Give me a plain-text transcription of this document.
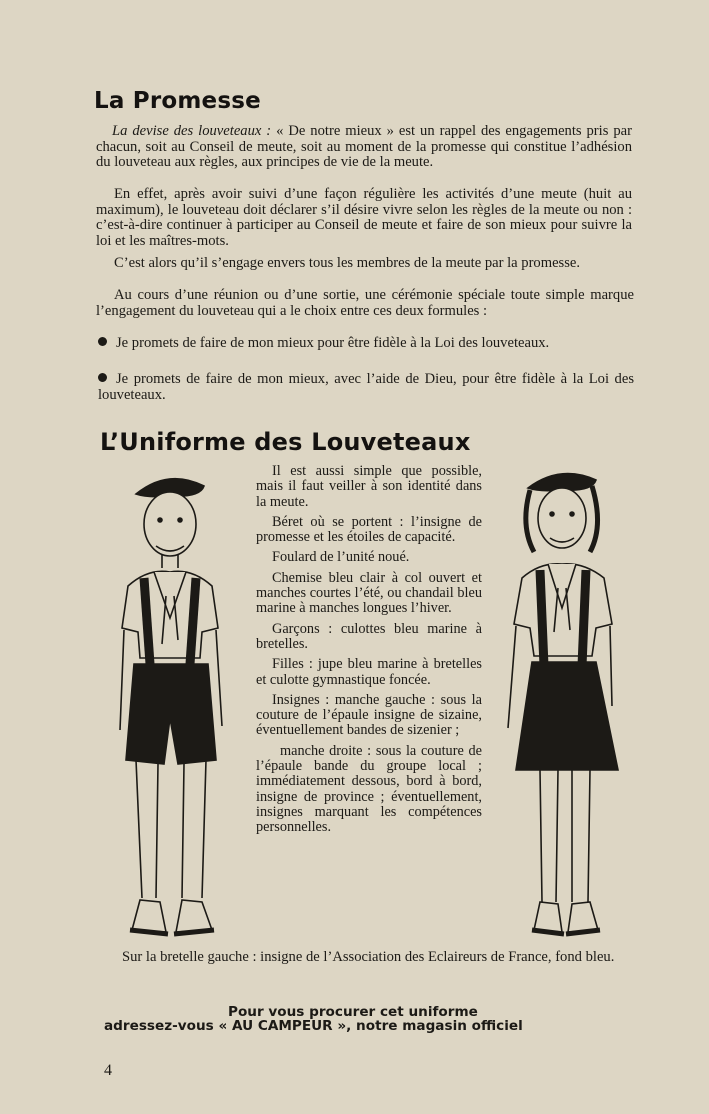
La Promesse

La devise des louveteaux : « De notre mieux » est un rappel des engagements pris par chacun, soit au Conseil de meute, soit au moment de la promesse qui constitue l’adhésion du louveteau aux règles, aux principes de vie de la meute.

En effet, après avoir suivi d’une façon régulière les activités d’une meute (huit au maximum), le louveteau doit déclarer s’il désire vivre selon les règles de la meute ou non : c’est-à-dire continuer à participer au Conseil de meute et faire de son mieux pour suivre la loi et les maîtres-mots.

C’est alors qu’il s’engage envers tous les membres de la meute par la promesse.

Au cours d’une réunion ou d’une sortie, une cérémonie spéciale toute simple marque l’engagement du louveteau qui a le choix entre ces deux formules :

Je promets de faire de mon mieux pour être fidèle à la Loi des louveteaux.

Je promets de faire de mon mieux, avec l’aide de Dieu, pour être fidèle à la Loi des louveteaux.

L’Uniforme des Louveteaux

Il est aussi simple que possible, mais il faut veiller à son identité dans la meute.

Béret où se portent : l’insigne de promesse et les étoiles de capacité.

Foulard de l’unité noué.

Chemise bleu clair à col ouvert et manches courtes l’été, ou chandail bleu marine à manches longues l’hiver.

Garçons : culottes bleu marine à bretelles.

Filles : jupe bleu marine à bretelles et culotte gymnastique foncée.

Insignes : manche gauche : sous la couture de l’épaule insigne de sizaine, éventuellement bandes de sizenier ;

manche droite : sous la couture de l’épaule bande du groupe local ; immédiatement dessous, bord à bord, insigne de province ; éventuellement, insignes marquant les compétences personnelles.

Sur la bretelle gauche : insigne de l’Association des Eclaireurs de France, fond bleu.

Pour vous procurer cet uniforme
adressez-vous « AU CAMPEUR », notre magasin officiel
4
